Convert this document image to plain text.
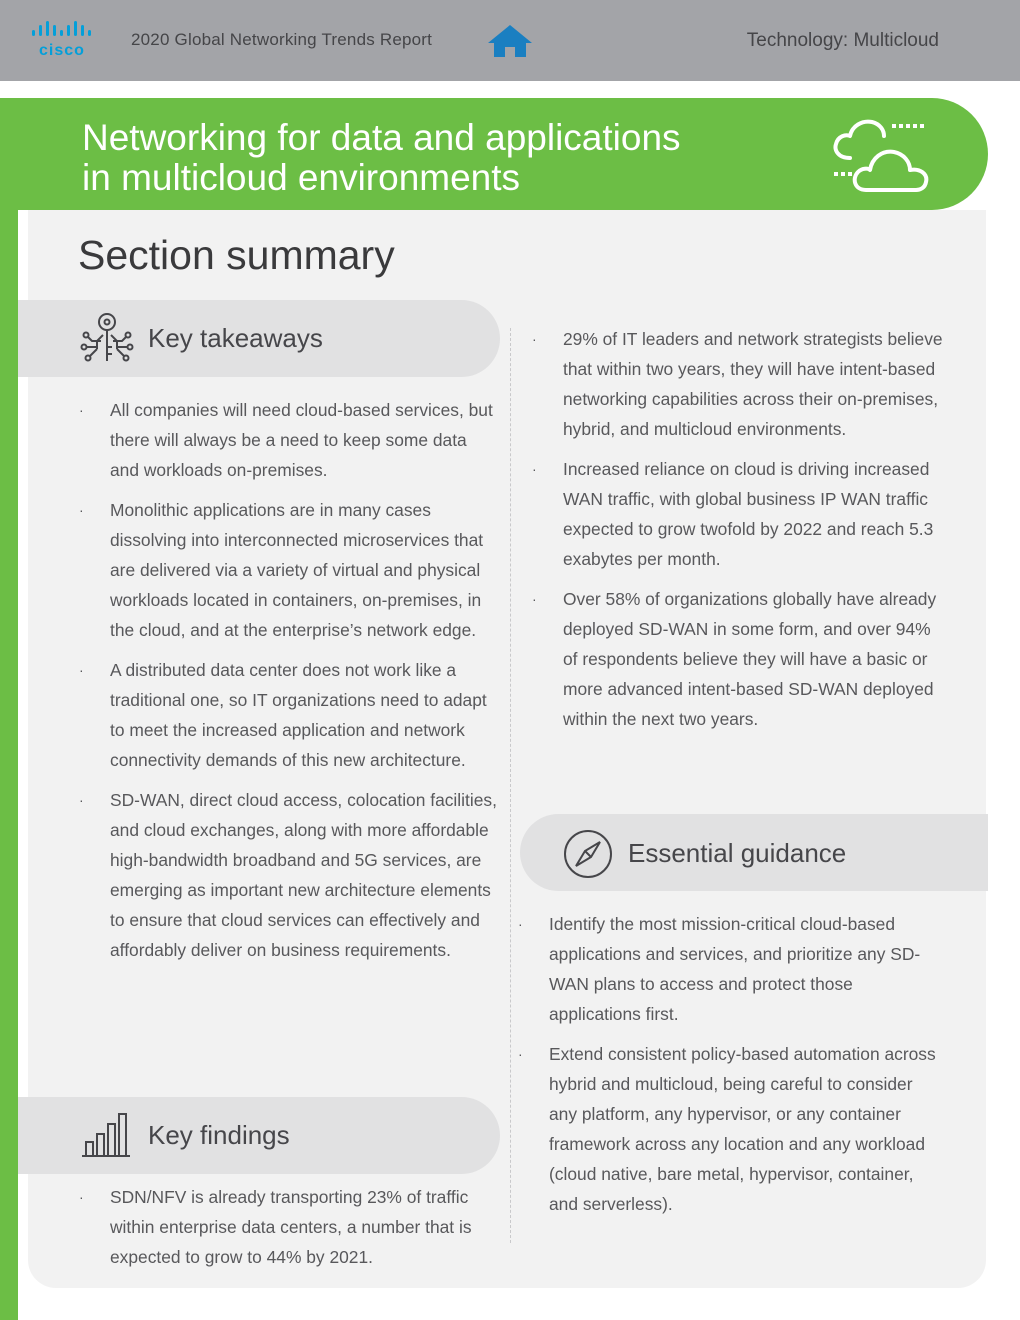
cisco
2020 Global Networking Trends Report	Technology: Multicloud
Networking for data and applications
in multicloud environments
Section summary
Key takeaways
· All companies will need cloud-based services, but there will always be a need to keep some data and workloads on-premises.
· Monolithic applications are in many cases dissolving into interconnected microservices that are delivered via a variety of virtual and physical workloads located in containers, on-premises, in the cloud, and at the enterprise’s network edge.
· A distributed data center does not work like a traditional one, so IT organizations need to adapt to meet the increased application and network connectivity demands of this new architecture.
· SD-WAN, direct cloud access, colocation facilities, and cloud exchanges, along with more affordable high-bandwidth broadband and 5G services, are emerging as important new architecture elements to ensure that cloud services can effectively and affordably deliver on business requirements.
Key findings
· SDN/NFV is already transporting 23% of traffic within enterprise data centers, a number that is expected to grow to 44% by 2021.
· 29% of IT leaders and network strategists believe that within two years, they will have intent-based networking capabilities across their on-premises, hybrid, and multicloud environments.
· Increased reliance on cloud is driving increased WAN traffic, with global business IP WAN traffic expected to grow twofold by 2022 and reach 5.3 exabytes per month.
· Over 58% of organizations globally have already deployed SD-WAN in some form, and over 94% of respondents believe they will have a basic or more advanced intent-based SD-WAN deployed within the next two years.
Essential guidance
· Identify the most mission-critical cloud-based applications and services, and prioritize any SD-WAN plans to access and protect those applications first.
· Extend consistent policy-based automation across hybrid and multicloud, being careful to consider any platform, any hypervisor, or any container framework across any location and any workload (cloud native, bare metal, hypervisor, container, and serverless).
